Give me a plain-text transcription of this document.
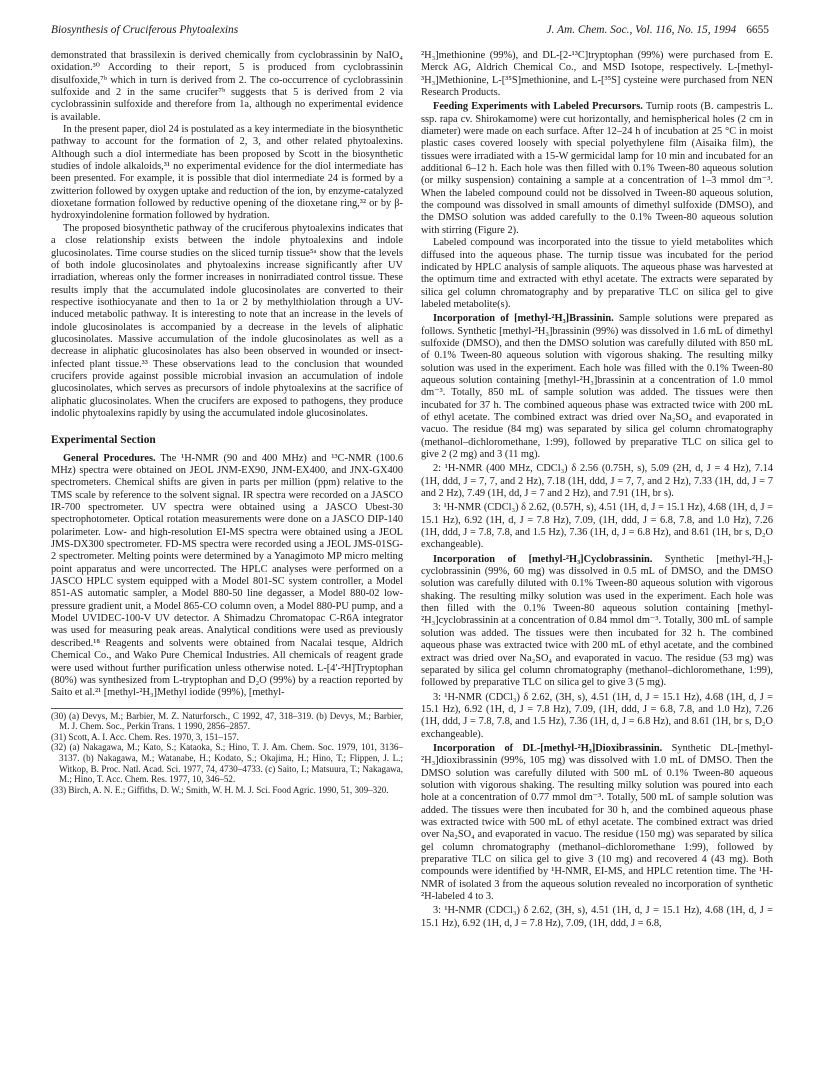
Biosynthesis of Cruciferous Phytoalexins	J. Am. Chem. Soc., Vol. 116, No. 15, 1994 6655

demonstrated that brassilexin is derived chemically from cyclobrassinin by NaIO₄ oxidation.³⁰ According to their report, 5 is produced from cyclobrassinin disulfoxide,⁷ᵇ which in turn is derived from 2. The co-occurrence of cyclobrassinin sulfoxide and 2 in the same crucifer⁷ᵇ suggests that 5 is derived from 2 via cyclobrassinin sulfoxide and therefore from 1a, although no experimental evidence is available.

In the present paper, diol 24 is postulated as a key intermediate in the biosynthetic pathway to account for the formation of 2, 3, and other related phytoalexins. Although such a diol intermediate has been proposed by Scott in the biosynthetic studies of indole alkaloids,³¹ no experimental evidence for the diol intermediate has been presented. For example, it is possible that diol intermediate 24 is formed by a zwitterion followed by oxygen uptake and reduction of the ion, by enzyme-catalyzed dioxetane formation followed by reductive opening of the dioxetane ring,³² or by β-hydroxyindolenine formation followed by hydration.

The proposed biosynthetic pathway of the cruciferous phytoalexins indicates that a close relationship exists between the indole phytoalexins and indole glucosinolates. Time course studies on the sliced turnip tissue⁵ᵃ show that the levels of both indole glucosinolates and phytoalexins increase significantly after UV irradiation, whereas only the former increases in nonirradiated control tissue. These results imply that the accumulated indole glucosinolates are converted to their respective isothiocyanate and then to 1a or 2 by methylthiolation through a UV-induced metabolic pathway. It is interesting to note that an increase in the levels of indole glucosinolates is accompanied by a decrease in the levels of aliphatic glucosinolates. Massive accumulation of the indole glucosinolates as well as a decrease in aliphatic glucosinolates has also been observed in wounded or insect-infected plant tissue.³³ These observations lead to the conclusion that wounded crucifers provide against possible microbial invasion an accumulation of indole glucosinolates, which serves as precursors of indole phytoalexins at the sacrifice of aliphatic glucosinolates. When the crucifers are exposed to pathogens, they produce indolic phytoalexins rapidly by using the accumulated indole glucosinolates.

Experimental Section

General Procedures. The ¹H-NMR (90 and 400 MHz) and ¹³C-NMR (100.6 MHz) spectra were obtained on JEOL JNM-EX90, JNM-EX400, and JNX-GX400 spectrometers. Chemical shifts are given in parts per million (ppm) relative to the TMS scale by reference to the solvent signal. IR spectra were recorded on a JASCO IR-700 spectrometer. UV spectra were obtained using a JASCO Ubest-30 spectrophotometer. Optical rotation measurements were done on a JASCO DIP-140 polarimeter. Low- and high-resolution EI-MS spectra were obtained using a JEOL JMS-DX300 spectrometer. FD-MS spectra were recorded using a JEOL JMS-01SG-2 spectrometer. Melting points were determined by a Yanagimoto MP micro melting point apparatus and were uncorrected. The HPLC analyses were performed on a JASCO HPLC system equipped with a Model 801-SC system controller, a Model 851-AS automatic sampler, a Model 880-50 line degasser, a Model 880-02 low-pressure gradient unit, a Model 865-CO column oven, a Model 880-PU pump, and a Model UVIDEC-100-V UV detector. A Shimadzu Chromatopac C-R6A integrator was used for measuring peak areas. Analytical conditions were used as previously described.¹⁸ Reagents and solvents were obtained from Nacalai tesque, Aldrich Chemical Co., and Wako Pure Chemical Industries. All chemicals of reagent grade were used without further purification unless otherwise noted. L-[4′-²H]Tryptophan (80%) was synthesized from L-tryptophan and D₂O (99%) by a reaction reported by Saito et al.²¹ [methyl-²H₃]Methyl iodide (99%), [methyl-

(30) (a) Devys, M.; Barbier, M. Z. Naturforsch., C 1992, 47, 318–319. (b) Devys, M.; Barbier, M. J. Chem. Soc., Perkin Trans. 1 1990, 2856–2857.

(31) Scott, A. I. Acc. Chem. Res. 1970, 3, 151–157.

(32) (a) Nakagawa, M.; Kato, S.; Kataoka, S.; Hino, T. J. Am. Chem. Soc. 1979, 101, 3136–3137. (b) Nakagawa, M.; Watanabe, H.; Kodato, S.; Okajima, H.; Hino, T.; Flippen, J. L.; Witkop, B. Proc. Natl. Acad. Sci. 1977, 74, 4730–4733. (c) Saito, I.; Matsuura, T.; Nakagawa, M.; Hino, T. Acc. Chem. Res. 1977, 10, 346–52.

(33) Birch, A. N. E.; Giffiths, D. W.; Smith, W. H. M. J. Sci. Food Agric. 1990, 51, 309–320.

²H₃]methionine (99%), and DL-[2-¹³C]tryptophan (99%) were purchased from E. Merck AG, Aldrich Chemical Co., and MSD Isotope, respectively. L-[methyl-³H₃]Methionine, L-[³⁵S]methionine, and L-[³⁵S] cysteine were purchased from NEN Research Products.

Feeding Experiments with Labeled Precursors. Turnip roots (B. campestris L. ssp. rapa cv. Shirokamome) were cut horizontally, and hemispherical holes (2 cm in diameter) were made on each surface. After 12–24 h of incubation at 25 °C in moist plastic cases covered loosely with special polyethylene film (Aisaika film), the tissues were irradiated with a 15-W germicidal lamp for 10 min and incubated for an additional 6–12 h. Each hole was then filled with 0.1% Tween-80 aqueous solution (or milky suspension) containing a sample at a concentration of 1–3 mmol dm⁻³. When the labeled compound could not be dissolved in Tween-80 aqueous solution, the compound was dissolved in small amounts of dimethyl sulfoxide (DMSO), and the DMSO solution was added carefully to the 0.1% Tween-80 aqueous solution with stirring (Figure 2).

Labeled compound was incorporated into the tissue to yield metabolites which diffused into the aqueous phase. The turnip tissue was incubated for the period indicated by HPLC analysis of sample aliquots. The aqueous phase was harvested at the optimum time and extracted with ethyl acetate. The extracts were separated by silica gel column chromatography and by preparative TLC on silica gel to give labeled metabolite(s).

Incorporation of [methyl-²H₃]Brassinin. Sample solutions were prepared as follows. Synthetic [methyl-²H₃]brassinin (99%) was dissolved in 1.6 mL of dimethyl sulfoxide (DMSO), and then the DMSO solution was carefully diluted with 850 mL of 0.1% Tween-80 aqueous solution with vigorous shaking. The resulting milky solution was used in the experiment. Each hole was filled with the 0.1% Tween-80 aqueous solution containing [methyl-²H₃]brassinin at a concentration of 1.0 mmol dm⁻³. Totally, 850 mL of sample solution was added. The tissues were then incubated for 37 h. The combined aqueous phase was extracted twice with 200 mL of ethyl acetate. The combined extract was dried over Na₂SO₄ and evaporated in vacuo. The residue (84 mg) was separated by silica gel column chromatography (methanol–dichloromethane, 1:99), followed by preparative TLC on silica gel to give 2 (2 mg) and 3 (11 mg).

2: ¹H-NMR (400 MHz, CDCl₃) δ 2.56 (0.75H, s), 5.09 (2H, d, J = 4 Hz), 7.14 (1H, ddd, J = 7, 7, and 2 Hz), 7.18 (1H, ddd, J = 7, 7, and 2 Hz), 7.33 (1H, dd, J = 7 and 2 Hz), 7.49 (1H, dd, J = 7 and 2 Hz), and 7.91 (1H, br s).

3: ¹H-NMR (CDCl₃) δ 2.62, (0.57H, s), 4.51 (1H, d, J = 15.1 Hz), 4.68 (1H, d, J = 15.1 Hz), 6.92 (1H, d, J = 7.8 Hz), 7.09, (1H, ddd, J = 6.8, 7.8, and 1.0 Hz), 7.26 (1H, ddd, J = 7.8, 7.8, and 1.5 Hz), 7.36 (1H, d, J = 6.8 Hz), and 8.61 (1H, br s, D₂O exchangeable).

Incorporation of [methyl-²H₃]Cyclobrassinin. Synthetic [methyl-²H₃]-cyclobrassinin (99%, 60 mg) was dissolved in 0.5 mL of DMSO, and the DMSO solution was carefully diluted with 0.1% Tween-80 aqueous solution with vigorous shaking. The resulting milky solution was used in the experiment. Each hole was then filled with the 0.1% Tween-80 aqueous solution containing [methyl-²H₃]cyclobrassinin at a concentration of 0.84 mmol dm⁻³. Totally, 300 mL of sample solution was added. The tissues were then incubated for 32 h. The combined aqueous phase was extracted twice with 200 mL of ethyl acetate, and the combined extract was dried over Na₂SO₄ and evaporated in vacuo. The residue (53 mg) was separated by silica gel column chromatography (methanol–dichloromethane, 1:99), followed by preparative TLC on silica gel to give 3 (5 mg).

3: ¹H-NMR (CDCl₃) δ 2.62, (3H, s), 4.51 (1H, d, J = 15.1 Hz), 4.68 (1H, d, J = 15.1 Hz), 6.92 (1H, d, J = 7.8 Hz), 7.09, (1H, ddd, J = 6.8, 7.8, and 1.0 Hz), 7.26 (1H, ddd, J = 7.8, 7.8, and 1.5 Hz), 7.36 (1H, d, J = 6.8 Hz), and 8.61 (1H, br s, D₂O exchangeable).

Incorporation of DL-[methyl-²H₃]Dioxibrassinin. Synthetic DL-[methyl-²H₃]dioxibrassinin (99%, 105 mg) was dissolved with 1.0 mL of DMSO. Then the DMSO solution was carefully diluted with 500 mL of 0.1% Tween-80 aqueous solution with vigorous shaking. The resulting milky solution was poured into each hole at a concentration of 0.77 mmol dm⁻³. Totally, 500 mL of sample solution was added. The tissues were then incubated for 30 h, and the combined aqueous phase was extracted twice with 500 mL of ethyl acetate. The combined extract was dried over Na₂SO₄ and evaporated in vacuo. The residue (150 mg) was separated by silica gel column chromatography (methanol–dichloromethane 1:99), followed by preparative TLC on silica gel to give 3 (10 mg) and recovered 4 (43 mg). Both compounds were identified by ¹H-NMR, EI-MS, and HPLC retention time. The ¹H-NMR of isolated 3 from the aqueous solution revealed no incorporation of synthetic ²H-labeled 4 to 3.

3: ¹H-NMR (CDCl₃) δ 2.62, (3H, s), 4.51 (1H, d, J = 15.1 Hz), 4.68 (1H, d, J = 15.1 Hz), 6.92 (1H, d, J = 7.8 Hz), 7.09, (1H, ddd, J = 6.8,
